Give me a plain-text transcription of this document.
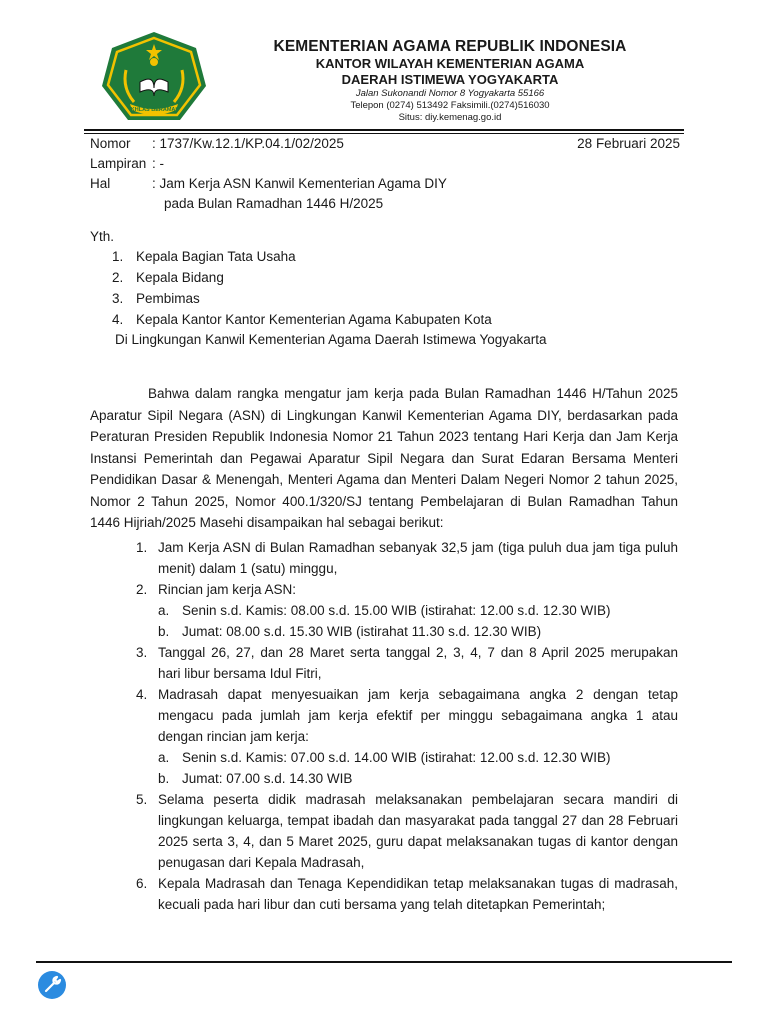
IKHLAS BERAMAL
KEMENTERIAN AGAMA REPUBLIK INDONESIA
KANTOR WILAYAH KEMENTERIAN AGAMA
DAERAH ISTIMEWA YOGYAKARTA
Jalan Sukonandi Nomor 8 Yogyakarta 55166
Telepon (0274) 513492 Faksimili.(0274)516030
Situs: diy.kemenag.go.id
Nomor : 1737/Kw.12.1/KP.04.1/02/2025	28 Februari 2025
Lampiran : -
Hal	: Jam Kerja ASN Kanwil Kementerian Agama DIY
pada Bulan Ramadhan 1446 H/2025
Yth.
1. Kepala Bagian Tata Usaha
2. Kepala Bidang
3. Pembimas
4. Kepala Kantor Kantor Kementerian Agama Kabupaten Kota
Di Lingkungan Kanwil Kementerian Agama Daerah Istimewa Yogyakarta
Bahwa dalam rangka mengatur jam kerja pada Bulan Ramadhan 1446 H/Tahun 2025
Aparatur Sipil Negara (ASN) di Lingkungan Kanwil Kementerian Agama DIY, berdasarkan pada
Peraturan Presiden Republik Indonesia Nomor 21 Tahun 2023 tentang Hari Kerja dan Jam Kerja
Instansi Pemerintah dan Pegawai Aparatur Sipil Negara dan Surat Edaran Bersama Menteri
Pendidikan Dasar & Menengah, Menteri Agama dan Menteri Dalam Negeri Nomor 2 tahun 2025,
Nomor 2 Tahun 2025, Nomor 400.1/320/SJ tentang Pembelajaran di Bulan Ramadhan Tahun
1446 Hijriah/2025 Masehi disampaikan hal sebagai berikut:
1. Jam Kerja ASN di Bulan Ramadhan sebanyak 32,5 jam (tiga puluh dua jam tiga puluh
menit) dalam 1 (satu) minggu,
2. Rincian jam kerja ASN:
a. Senin s.d. Kamis: 08.00 s.d. 15.00 WIB (istirahat: 12.00 s.d. 12.30 WIB)
b. Jumat: 08.00 s.d. 15.30 WIB (istirahat 11.30 s.d. 12.30 WIB)
3. Tanggal 26, 27, dan 28 Maret serta tanggal 2, 3, 4, 7 dan 8 April 2025 merupakan
hari libur bersama Idul Fitri,
4. Madrasah dapat menyesuaikan jam kerja sebagaimana angka 2 dengan tetap
mengacu pada jumlah jam kerja efektif per minggu sebagaimana angka 1 atau
dengan rincian jam kerja:
a. Senin s.d. Kamis: 07.00 s.d. 14.00 WIB (istirahat: 12.00 s.d. 12.30 WIB)
b. Jumat: 07.00 s.d. 14.30 WIB
5. Selama peserta didik madrasah melaksanakan pembelajaran secara mandiri di
lingkungan keluarga, tempat ibadah dan masyarakat pada tanggal 27 dan 28 Februari
2025 serta 3, 4, dan 5 Maret 2025, guru dapat melaksanakan tugas di kantor dengan
penugasan dari Kepala Madrasah,
6. Kepala Madrasah dan Tenaga Kependidikan tetap melaksanakan tugas di madrasah,
kecuali pada hari libur dan cuti bersama yang telah ditetapkan Pemerintah;
